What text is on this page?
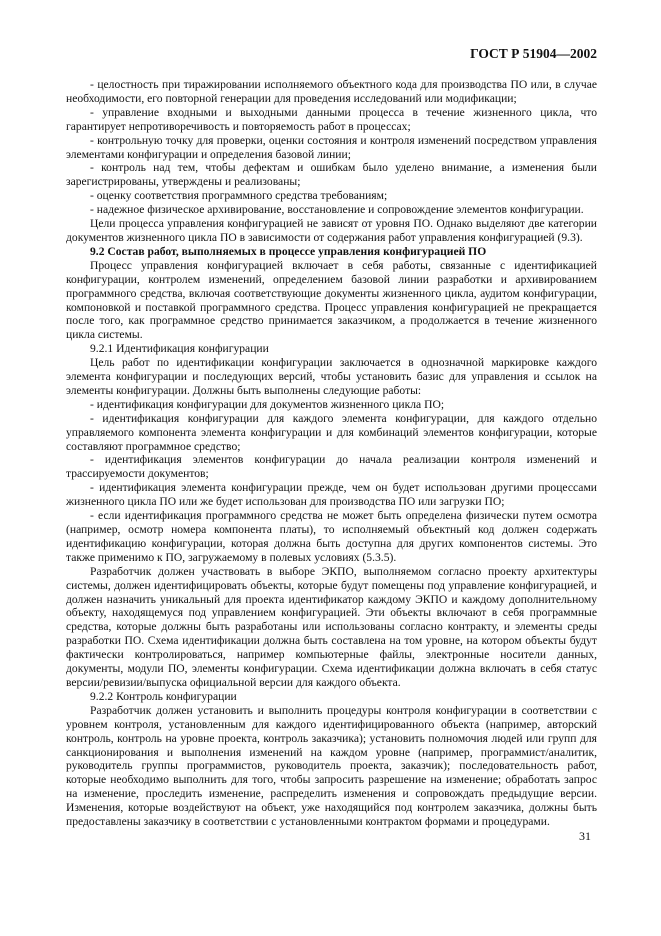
ГОСТ Р 51904—2002

- целостность при тиражировании исполняемого объектного кода для производства ПО или, в случае необходимости, его повторной генерации для проведения исследований или модификации;

- управление входными и выходными данными процесса в течение жизненного цикла, что гарантирует непротиворечивость и повторяемость работ в процессах;

- контрольную точку для проверки, оценки состояния и контроля изменений посредством управления элементами конфигурации и определения базовой линии;

- контроль над тем, чтобы дефектам и ошибкам было уделено внимание, а изменения были зарегистрированы, утверждены и реализованы;

- оценку соответствия программного средства требованиям;

- надежное физическое архивирование, восстановление и сопровождение элементов конфигурации.

Цели процесса управления конфигурацией не зависят от уровня ПО. Однако выделяют две категории документов жизненного цикла ПО в зависимости от содержания работ управления конфигурацией (9.3).

9.2 Состав работ, выполняемых в процессе управления конфигурацией ПО

Процесс управления конфигурацией включает в себя работы, связанные с идентификацией конфигурации, контролем изменений, определением базовой линии разработки и архивированием программного средства, включая соответствующие документы жизненного цикла, аудитом конфигурации, компоновкой и поставкой программного средства. Процесс управления конфигурацией не прекращается после того, как программное средство принимается заказчиком, а продолжается в течение жизненного цикла системы.

9.2.1 Идентификация конфигурации

Цель работ по идентификации конфигурации заключается в однозначной маркировке каждого элемента конфигурации и последующих версий, чтобы установить базис для управления и ссылок на элементы конфигурации. Должны быть выполнены следующие работы:

- идентификация конфигурации для документов жизненного цикла ПО;

- идентификация конфигурации для каждого элемента конфигурации, для каждого отдельно управляемого компонента элемента конфигурации и для комбинаций элементов конфигурации, которые составляют программное средство;

- идентификация элементов конфигурации до начала реализации контроля изменений и трассируемости документов;

- идентификация элемента конфигурации прежде, чем он будет использован другими процессами жизненного цикла ПО или же будет использован для производства ПО или загрузки ПО;

- если идентификация программного средства не может быть определена физически путем осмотра (например, осмотр номера компонента платы), то исполняемый объектный код должен содержать идентификацию конфигурации, которая должна быть доступна для других компонентов системы. Это также применимо к ПО, загружаемому в полевых условиях (5.3.5).

Разработчик должен участвовать в выборе ЭКПО, выполняемом согласно проекту архитектуры системы, должен идентифицировать объекты, которые будут помещены под управление конфигурацией, и должен назначить уникальный для проекта идентификатор каждому ЭКПО и каждому дополнительному объекту, находящемуся под управлением конфигурацией. Эти объекты включают в себя программные средства, которые должны быть разработаны или использованы согласно контракту, и элементы среды разработки ПО. Схема идентификации должна быть составлена на том уровне, на котором объекты будут фактически контролироваться, например компьютерные файлы, электронные носители данных, документы, модули ПО, элементы конфигурации. Схема идентификации должна включать в себя статус версии/ревизии/выпуска официальной версии для каждого объекта.

9.2.2 Контроль конфигурации

Разработчик должен установить и выполнить процедуры контроля конфигурации в соответствии с уровнем контроля, установленным для каждого идентифицированного объекта (например, авторский контроль, контроль на уровне проекта, контроль заказчика); установить полномочия людей или групп для санкционирования и выполнения изменений на каждом уровне (например, программист/аналитик, руководитель группы программистов, руководитель проекта, заказчик); последовательность работ, которые необходимо выполнить для того, чтобы запросить разрешение на изменение; обработать запрос на изменение, проследить изменение, распределить изменения и сопровождать предыдущие версии. Изменения, которые воздействуют на объект, уже находящийся под контролем заказчика, должны быть предоставлены заказчику в соответствии с установленными контрактом формами и процедурами.

31
